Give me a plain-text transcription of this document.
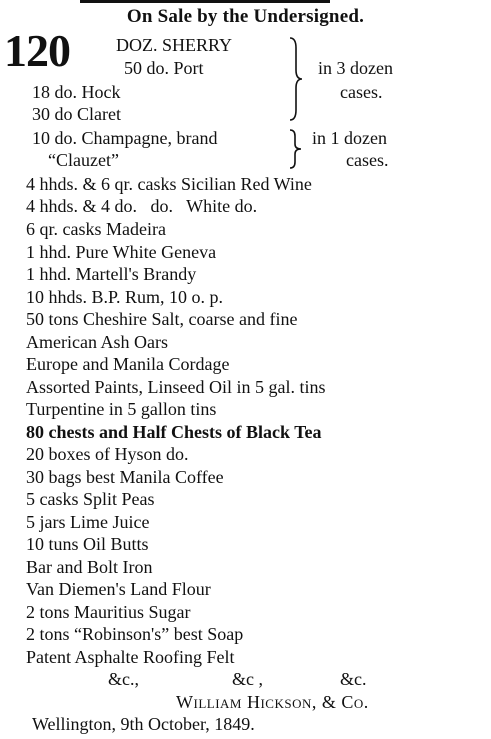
On Sale by the Undersigned.
120	DOZ. SHERRY
50 do. Port
18 do. Hock
30 do Claret
10 do. Champagne, brand
“Clauzet”
in 3 dozen
cases.
in 1 dozen
cases.
4 hhds. & 6 qr. casks Sicilian Red Wine
4 hhds. & 4 do.   do.   White do.
6 qr. casks Madeira
1 hhd. Pure White Geneva
1 hhd. Martell's Brandy
10 hhds. B.P. Rum, 10 o. p.
50 tons Cheshire Salt, coarse and fine
American Ash Oars
Europe and Manila Cordage
Assorted Paints, Linseed Oil in 5 gal. tins
Turpentine in 5 gallon tins
80 chests and Half Chests of Black Tea
20 boxes of Hyson do.
30 bags best Manila Coffee
5 casks Split Peas
5 jars Lime Juice
10 tuns Oil Butts
Bar and Bolt Iron
Van Diemen's Land Flour
2 tons Mauritius Sugar
2 tons “Robinson's” best Soap
Patent Asphalte Roofing Felt
&c.,	&c ,	&c.
William Hickson, & Co.
Wellington, 9th October, 1849.
